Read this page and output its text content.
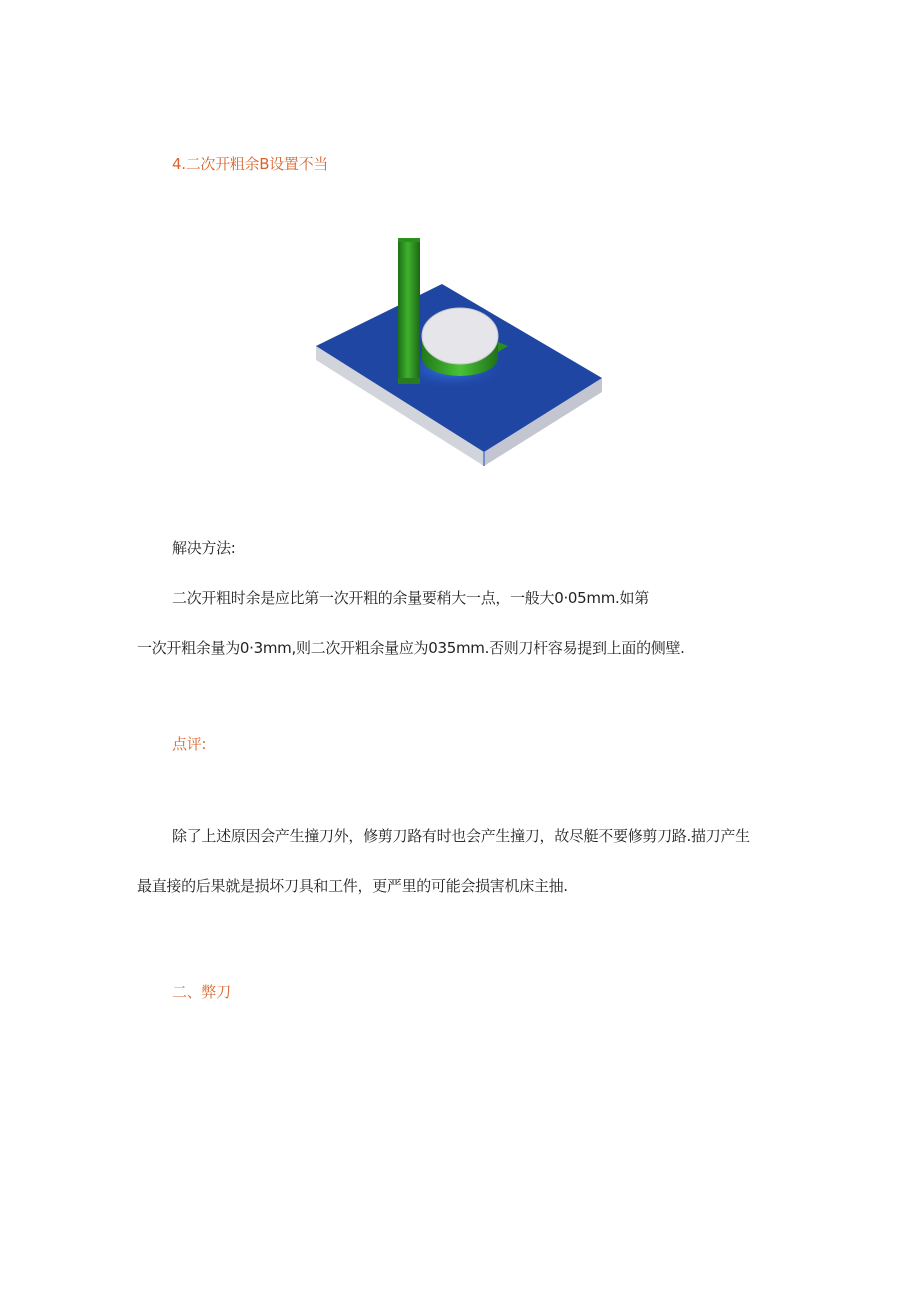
4.二次开粗余B设置不当
解决方法:
二次开粗时余是应比第一次开粗的余量要稍大一点，一般大0·05mm.如第
一次开粗余量为0·3mm,则二次开粗余量应为035mm.否则刀杆容易提到上面的侧壁.
点评:
除了上述原因会产生撞刀外，修剪刀路有时也会产生撞刀，故尽艇不要修剪刀路.描刀产生
最直接的后果就是损坏刀具和工件，更严里的可能会损害机床主抽.
二、弊刀
